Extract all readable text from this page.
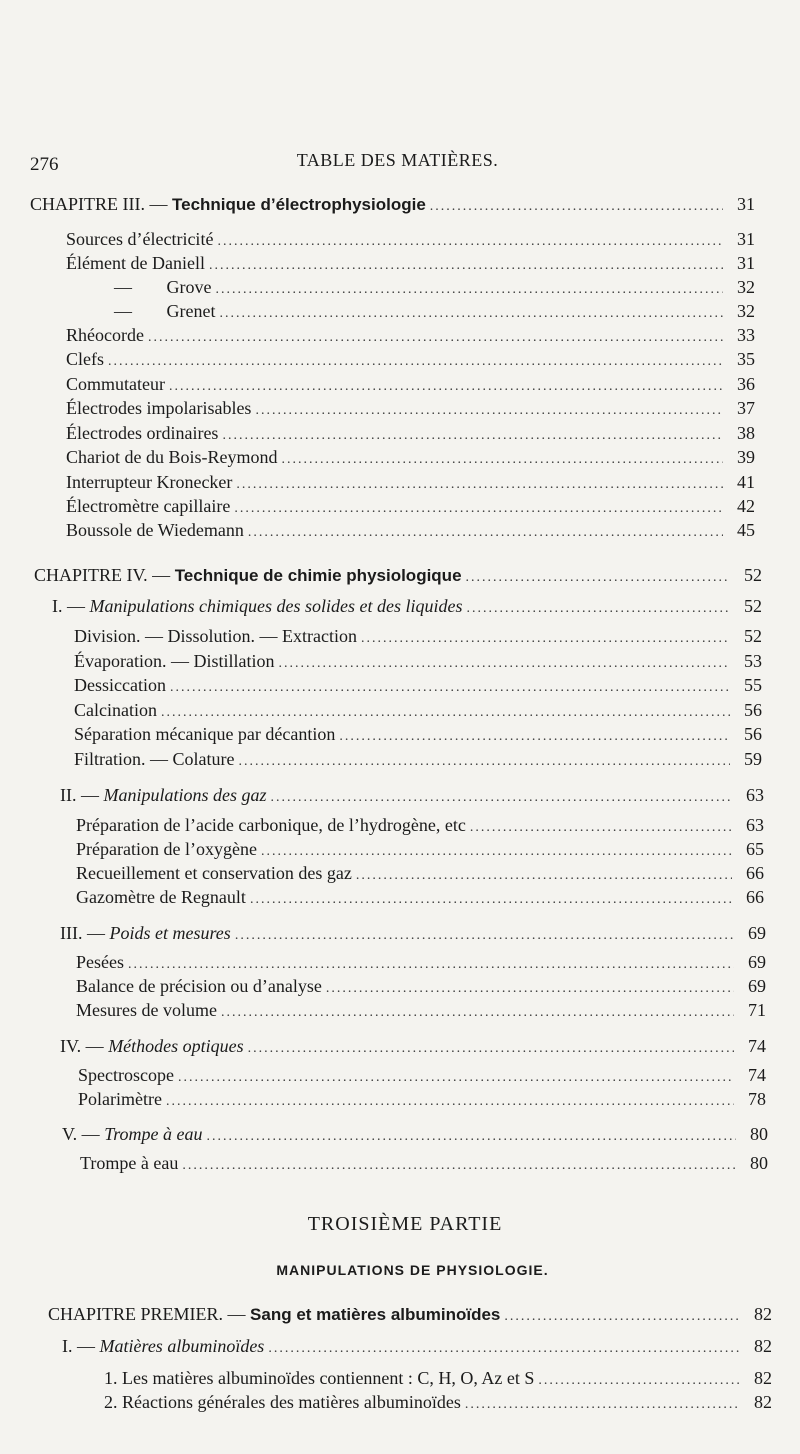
276	TABLE DES MATIÈRES.
CHAPITRE III. — Technique d’électrophysiologie .....	31
Sources d’électricité .....	31
Élément de Daniell .....	31
— Grove .....	32
— Grenet .....	32
Rhéocorde .....	33
Clefs .....	35
Commutateur .....	36
Électrodes impolarisables .....	37
Électrodes ordinaires .....	38
Chariot de du Bois-Reymond .....	39
Interrupteur Kronecker .....	41
Électromètre capillaire .....	42
Boussole de Wiedemann .....	45
CHAPITRE IV. — Technique de chimie physiologique .....	52
I. — Manipulations chimiques des solides et des liquides .....	52
Division. — Dissolution. — Extraction .....	52
Évaporation. — Distillation .....	53
Dessiccation .....	55
Calcination .....	56
Séparation mécanique par décantion .....	56
Filtration. — Colature .....	59
II. — Manipulations des gaz .....	63
Préparation de l’acide carbonique, de l’hydrogène, etc .....	63
Préparation de l’oxygène .....	65
Recueillement et conservation des gaz .....	66
Gazomètre de Regnault .....	66
III. — Poids et mesures .....	69
Pesées .....	69
Balance de précision ou d’analyse .....	69
Mesures de volume .....	71
IV. — Méthodes optiques .....	74
Spectroscope .....	74
Polarimètre .....	78
V. — Trompe à eau .....	80
Trompe à eau .....	80
TROISIÈME PARTIE
MANIPULATIONS DE PHYSIOLOGIE.
CHAPITRE PREMIER. — Sang et matières albuminoïdes .....	82
I. — Matières albuminoïdes .....	82
1. Les matières albuminoïdes contiennent : C, H, O, Az et S .....	82
2. Réactions générales des matières albuminoïdes .....	82
